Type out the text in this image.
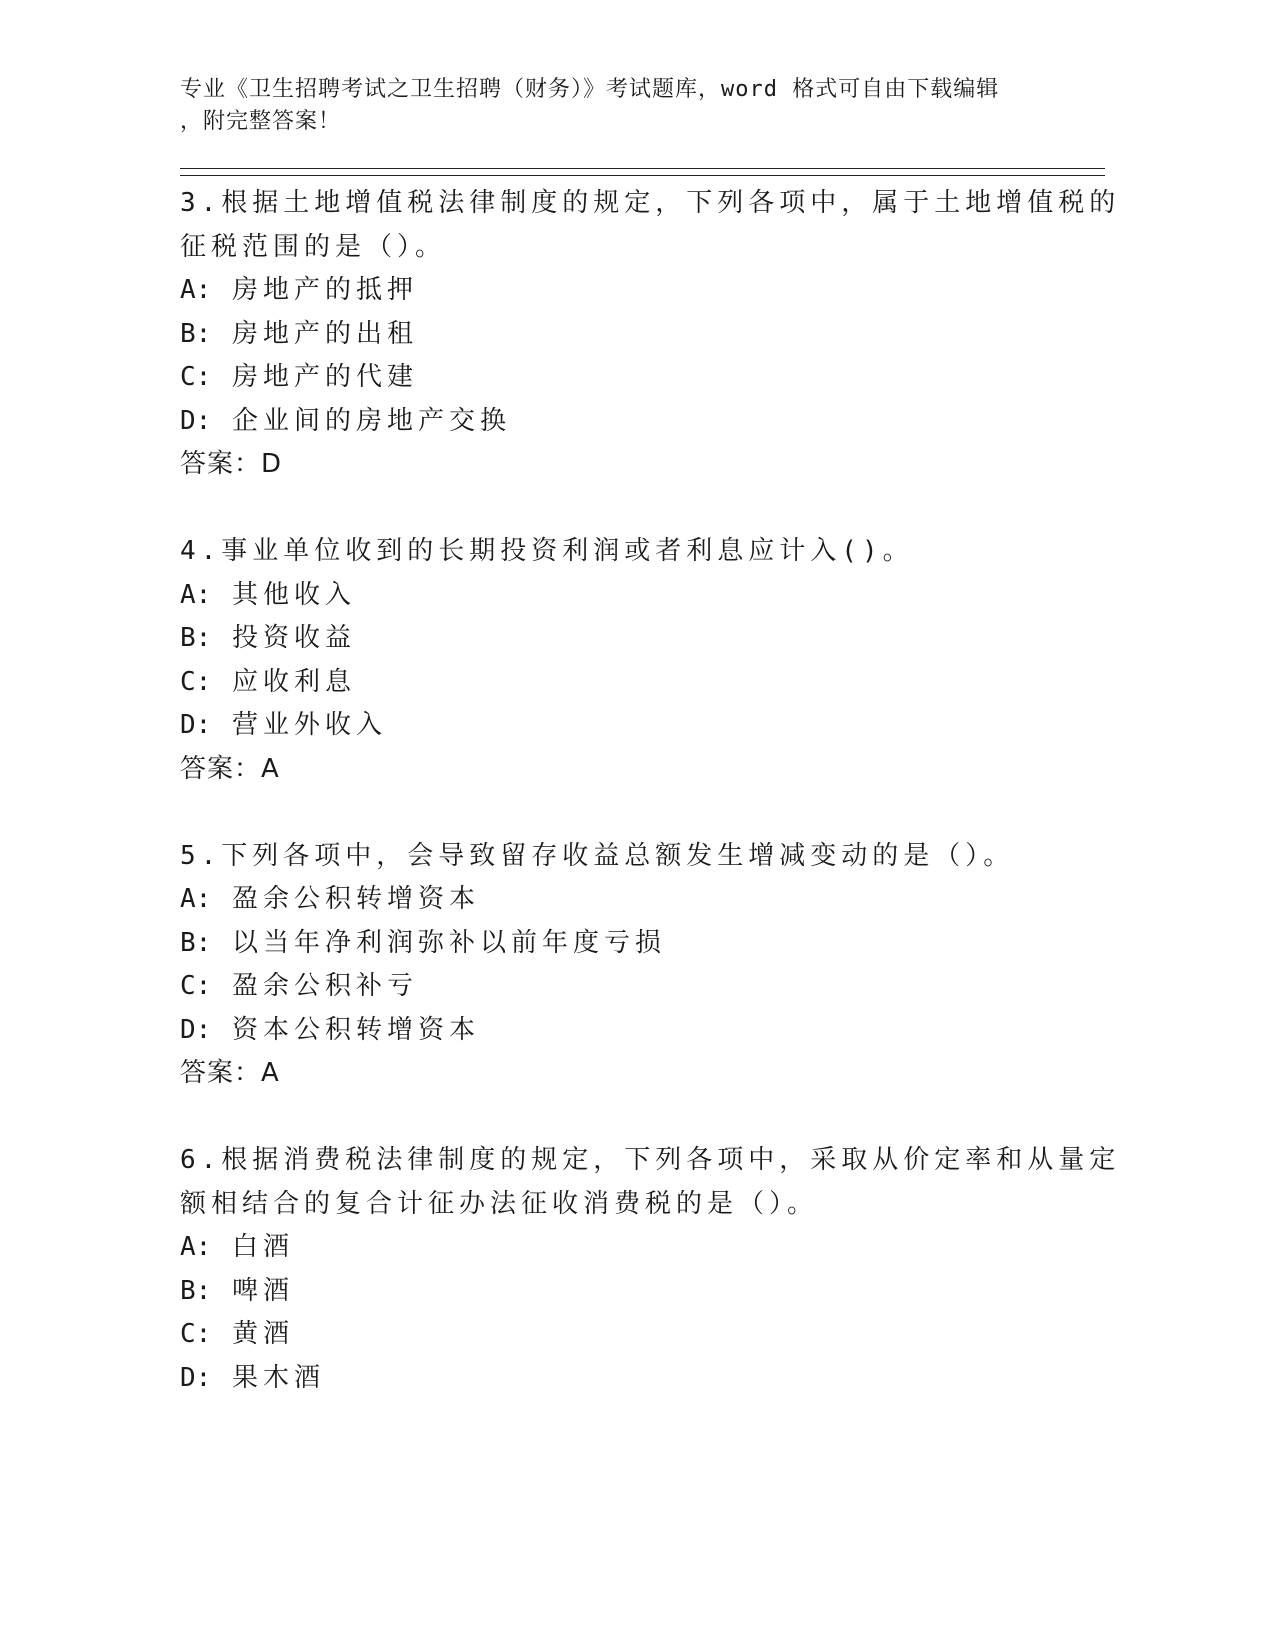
专业《卫生招聘考试之卫生招聘（财务）》考试题库，word 格式可自由下载编辑
，附完整答案！
3.根据土地增值税法律制度的规定，下列各项中，属于土地增值税的
征税范围的是（）。
A: 房地产的抵押
B: 房地产的出租
C: 房地产的代建
D: 企业间的房地产交换
答案：D
4.事业单位收到的长期投资利润或者利息应计入()。
A: 其他收入
B: 投资收益
C: 应收利息
D: 营业外收入
答案：A
5.下列各项中，会导致留存收益总额发生增减变动的是（）。
A: 盈余公积转增资本
B: 以当年净利润弥补以前年度亏损
C: 盈余公积补亏
D: 资本公积转增资本
答案：A
6.根据消费税法律制度的规定，下列各项中，采取从价定率和从量定
额相结合的复合计征办法征收消费税的是（）。
A: 白酒
B: 啤酒
C: 黄酒
D: 果木酒
